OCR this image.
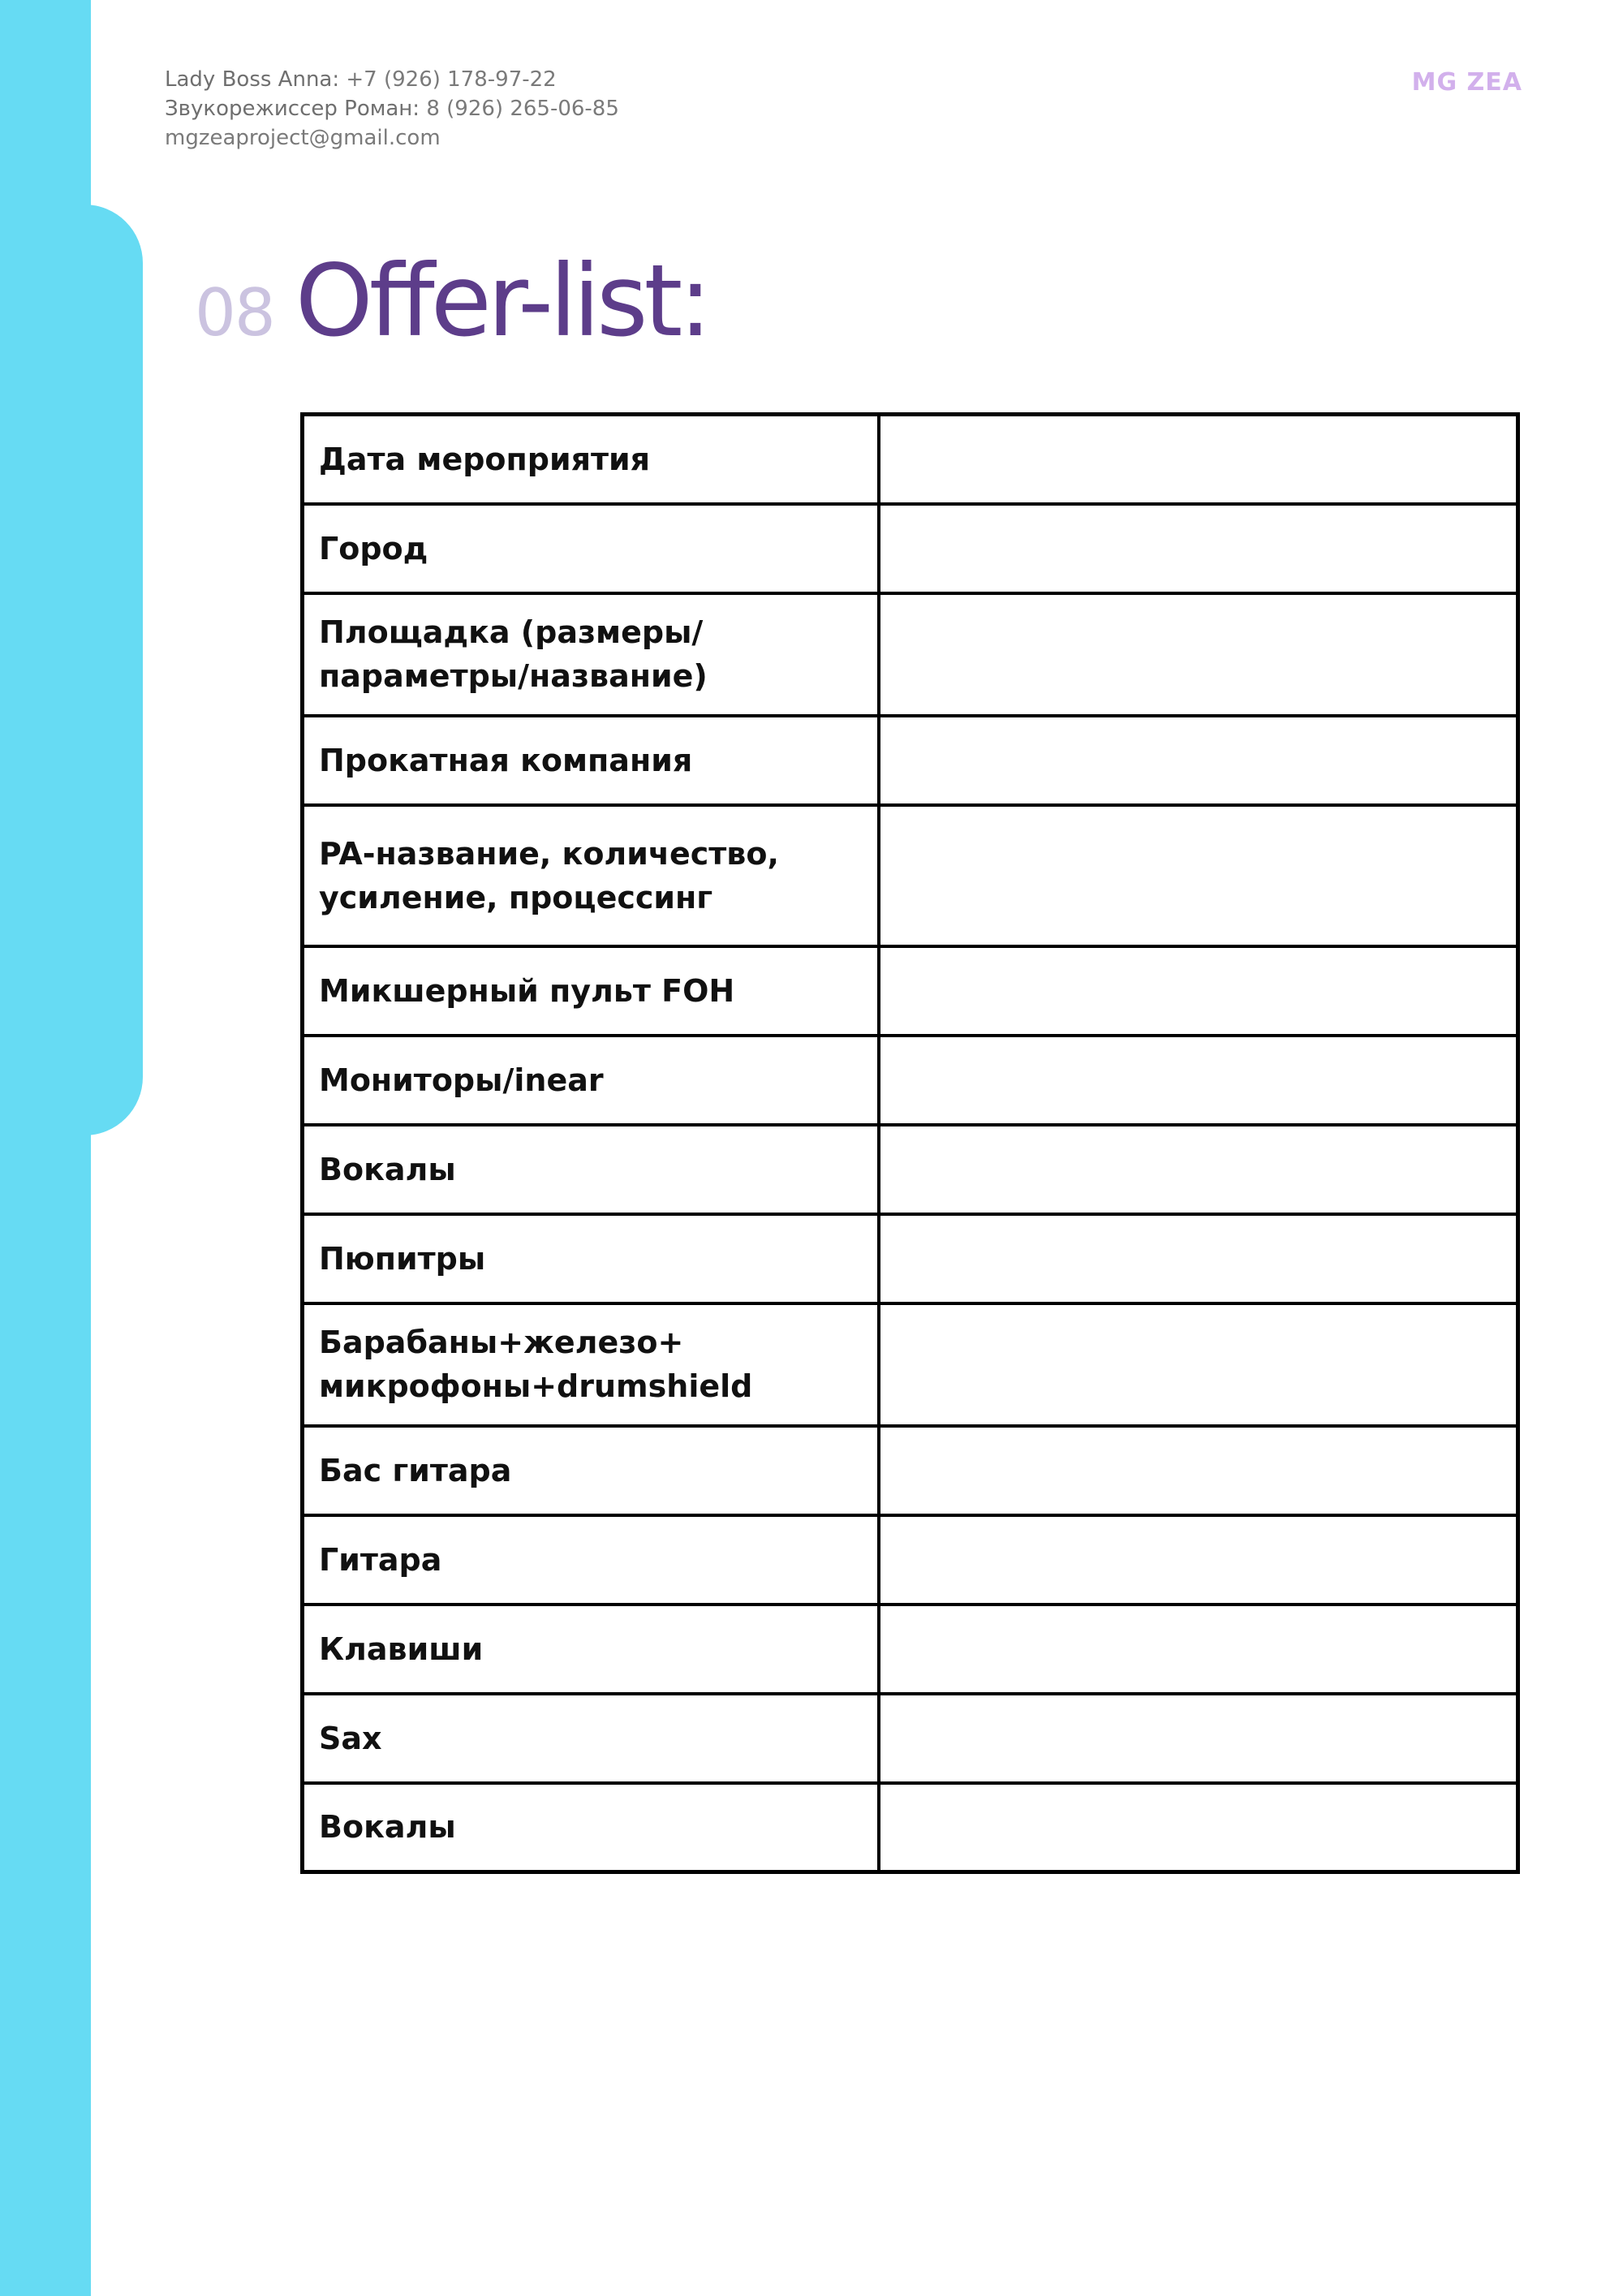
Lady Boss Anna: +7 (926) 178-97-22
Звукорежиссер Роман: 8 (926) 265-06-85
mgzeaproject@gmail.com
MG ZEA
08 Offer-list:
Дата мероприятия	
Город	
Площадка (размеры/ параметры/название)	
Прокатная компания	
PA-название, количество, усиление, процессинг	
Микшерный пульт FOH	
Мониторы/inear	
Вокалы	
Пюпитры	
Барабаны+железо+ микрофоны+drumshield	
Бас гитара	
Гитара	
Клавиши	
Sax	
Вокалы	
